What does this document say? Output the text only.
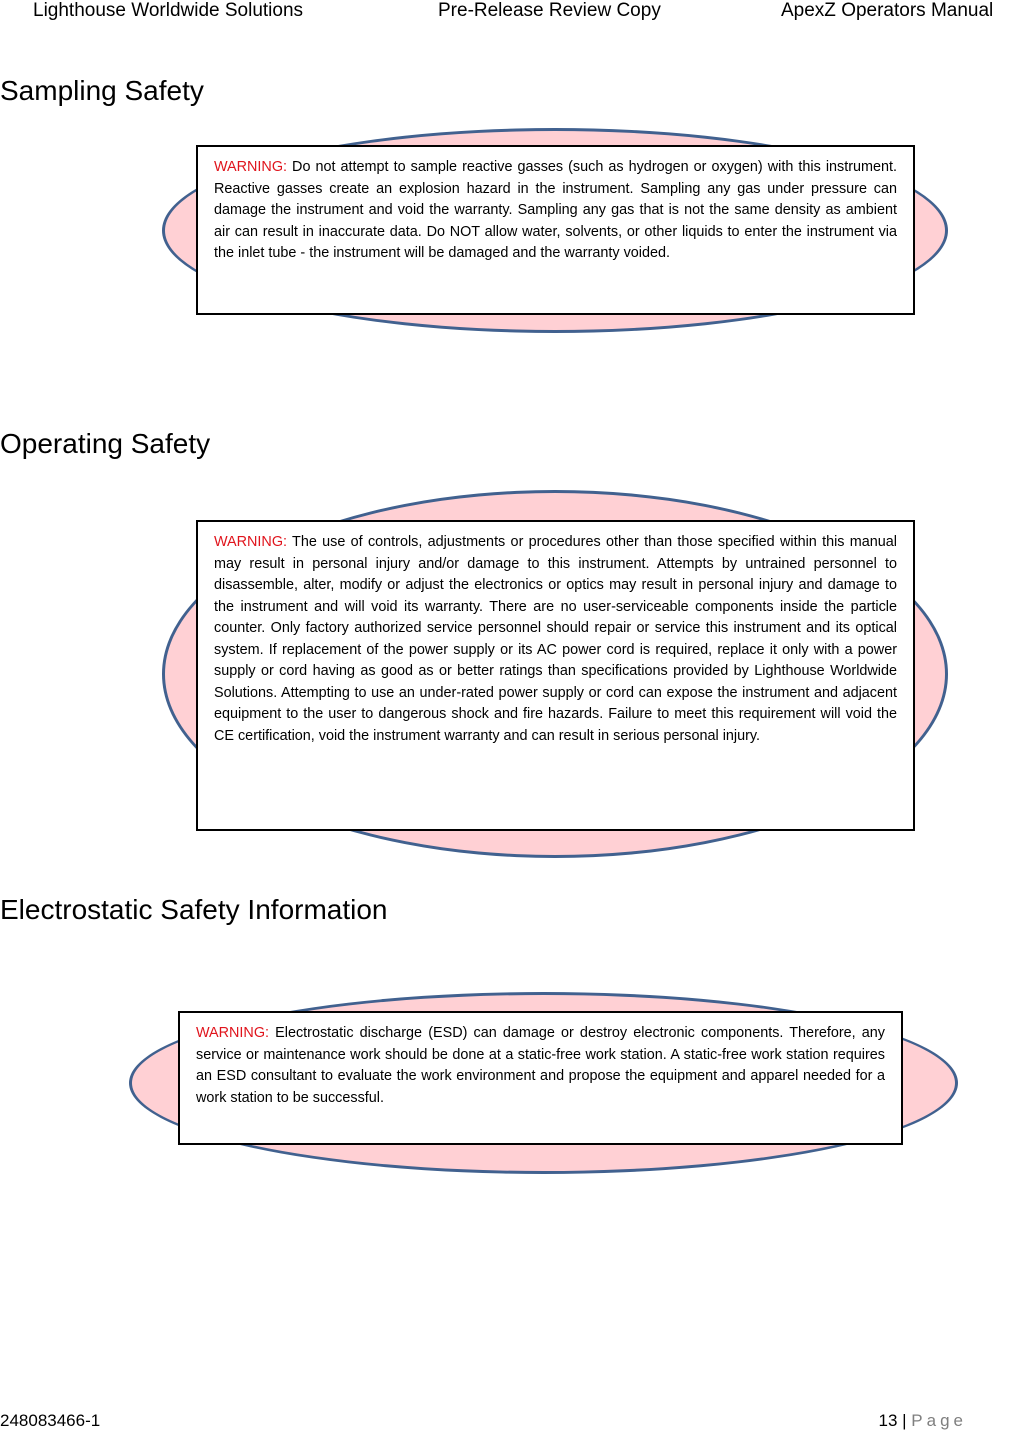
Lighthouse Worldwide Solutions	Pre-Release Review Copy	ApexZ Operators Manual
Sampling Safety
WARNING: Do not attempt to sample reactive gasses (such as hydrogen or oxygen) with this instrument. Reactive gasses create an explosion hazard in the instrument. Sampling any gas under pressure can damage the instrument and void the warranty. Sampling any gas that is not the same density as ambient air can result in inaccurate data. Do NOT allow water, solvents, or other liquids to enter the instrument via the inlet tube - the instrument will be damaged and the warranty voided.
Operating Safety
WARNING: The use of controls, adjustments or procedures other than those specified within this manual may result in personal injury and/or damage to this instrument. Attempts by untrained personnel to disassemble, alter, modify or adjust the electronics or optics may result in personal injury and damage to the instrument and will void its warranty. There are no user-serviceable components inside the particle counter. Only factory authorized service personnel should repair or service this instrument and its optical system. If replacement of the power supply or its AC power cord is required, replace it only with a power supply or cord having as good as or better ratings than specifications provided by Lighthouse Worldwide Solutions. Attempting to use an under-rated power supply or cord can expose the instrument and adjacent equipment to the user to dangerous shock and fire hazards. Failure to meet this requirement will void the CE certification, void the instrument warranty and can result in serious personal injury.
Electrostatic Safety Information
WARNING: Electrostatic discharge (ESD) can damage or destroy electronic components. Therefore, any service or maintenance work should be done at a static-free work station. A static-free work station requires an ESD consultant to evaluate the work environment and propose the equipment and apparel needed for a work station to be successful.
248083466-1	13 | Page
